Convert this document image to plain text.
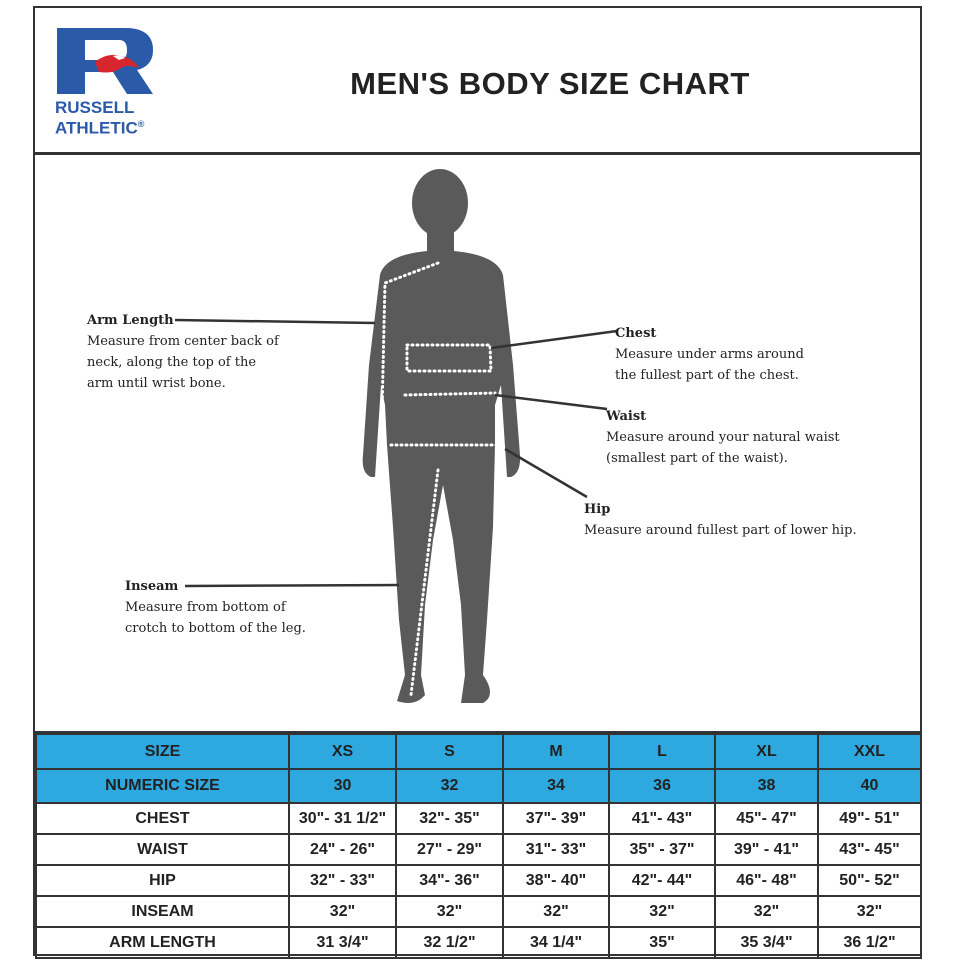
RUSSELL
ATHLETIC®
MEN'S BODY SIZE CHART
Arm Length
Measure from center back of
neck, along the top of the
arm until wrist bone.
Chest
Measure under arms around
the fullest part of the chest.
Waist
Measure around your natural waist
(smallest part of the waist).
Hip
Measure around fullest part of lower hip.
Inseam
Measure from bottom of
crotch to bottom of the leg.
SIZE	XS	S	M	L	XL	XXL
NUMERIC SIZE	30	32	34	36	38	40
CHEST	30"- 31 1/2"	32"- 35"	37"- 39"	41"- 43"	45"- 47"	49"- 51"
WAIST	24" - 26"	27" - 29"	31"- 33"	35" - 37"	39" - 41"	43"- 45"
HIP	32" - 33"	34"- 36"	38"- 40"	42"- 44"	46"- 48"	50"- 52"
INSEAM	32"	32"	32"	32"	32"	32"
ARM LENGTH	31 3/4"	32 1/2"	34 1/4"	35"	35 3/4"	36 1/2"
